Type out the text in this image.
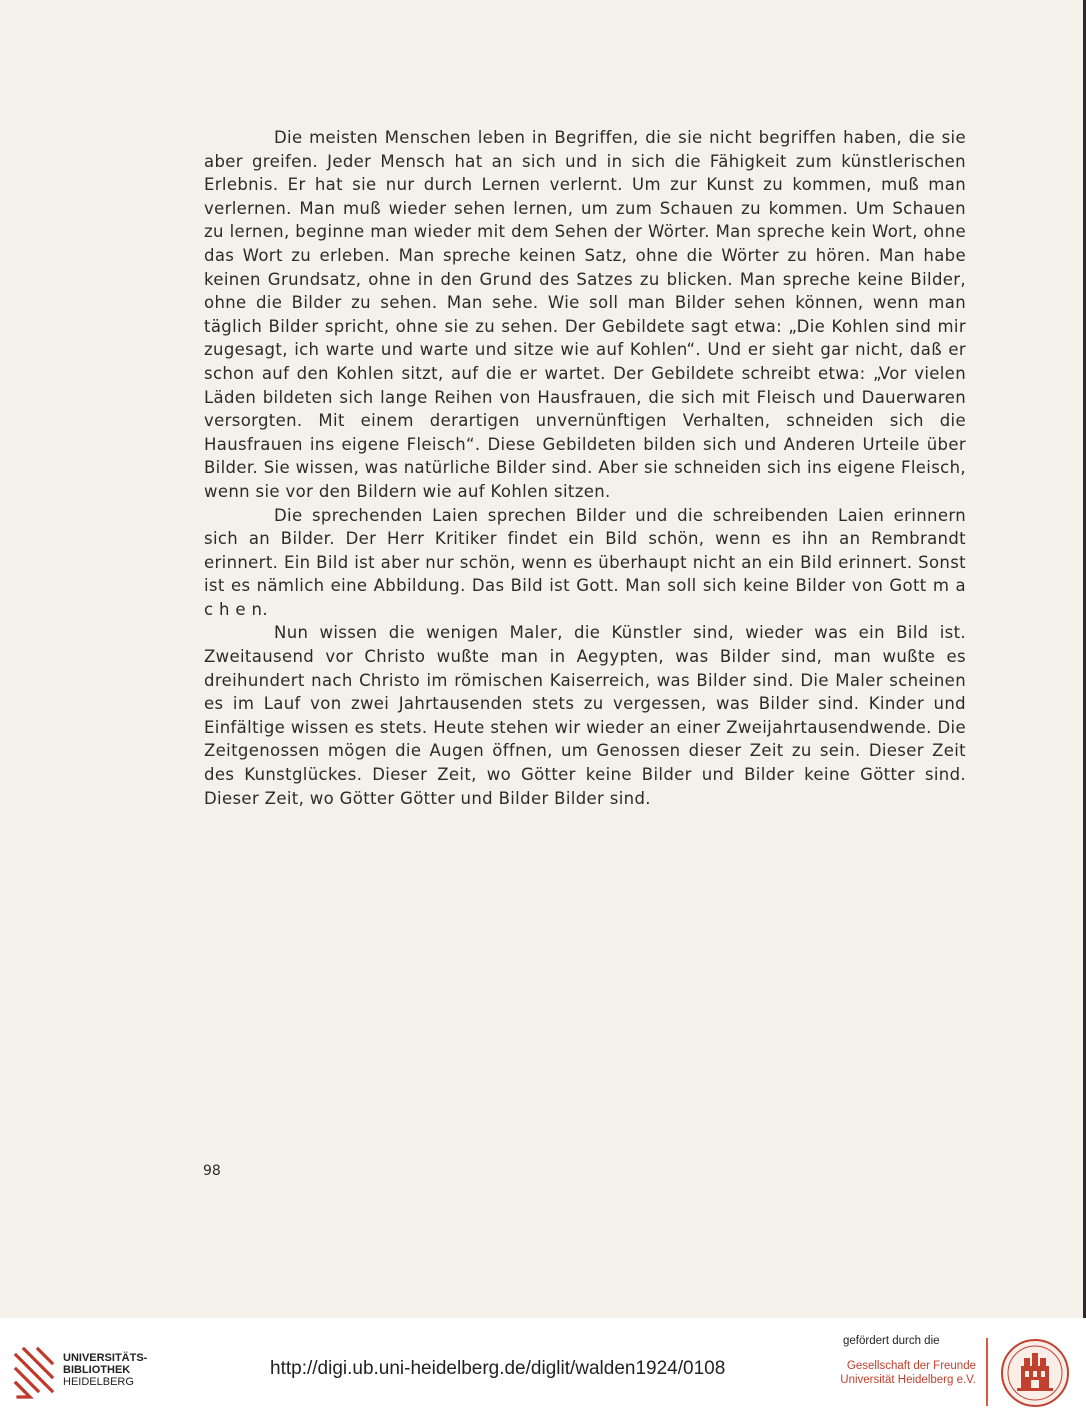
Die meisten Menschen leben in Begriffen, die sie nicht begriffen haben, die sie aber greifen. Jeder Mensch hat an sich und in sich die Fähigkeit zum künstlerischen Erlebnis. Er hat sie nur durch Lernen verlernt. Um zur Kunst zu kommen, muß man verlernen. Man muß wieder sehen lernen, um zum Schauen zu kommen. Um Schauen zu lernen, beginne man wieder mit dem Sehen der Wörter. Man spreche kein Wort, ohne das Wort zu erleben. Man spreche keinen Satz, ohne die Wörter zu hören. Man habe keinen Grundsatz, ohne in den Grund des Satzes zu blicken. Man spreche keine Bilder, ohne die Bilder zu sehen. Man sehe. Wie soll man Bilder sehen können, wenn man täglich Bilder spricht, ohne sie zu sehen. Der Gebildete sagt etwa: „Die Kohlen sind mir zugesagt, ich warte und warte und sitze wie auf Kohlen“. Und er sieht gar nicht, daß er schon auf den Kohlen sitzt, auf die er wartet. Der Gebildete schreibt etwa: „Vor vielen Läden bildeten sich lange Reihen von Hausfrauen, die sich mit Fleisch und Dauerwaren versorgten. Mit einem derartigen unvernünftigen Verhalten, schneiden sich die Hausfrauen ins eigene Fleisch“. Diese Gebildeten bilden sich und Anderen Urteile über Bilder. Sie wissen, was natürliche Bilder sind. Aber sie schneiden sich ins eigene Fleisch, wenn sie vor den Bildern wie auf Kohlen sitzen.

Die sprechenden Laien sprechen Bilder und die schreibenden Laien erinnern sich an Bilder. Der Herr Kritiker findet ein Bild schön, wenn es ihn an Rembrandt erinnert. Ein Bild ist aber nur schön, wenn es überhaupt nicht an ein Bild erinnert. Sonst ist es nämlich eine Abbildung. Das Bild ist Gott. Man soll sich keine Bilder von Gott m a c h e n.

Nun wissen die wenigen Maler, die Künstler sind, wieder was ein Bild ist. Zweitausend vor Christo wußte man in Aegypten, was Bilder sind, man wußte es dreihundert nach Christo im römischen Kaiserreich, was Bilder sind. Die Maler scheinen es im Lauf von zwei Jahrtausenden stets zu vergessen, was Bilder sind. Kinder und Einfältige wissen es stets. Heute stehen wir wieder an einer Zweijahrtausendwende. Die Zeitgenossen mögen die Augen öffnen, um Genossen dieser Zeit zu sein. Dieser Zeit des Kunstglückes. Dieser Zeit, wo Götter keine Bilder und Bilder keine Götter sind. Dieser Zeit, wo Götter Götter und Bilder Bilder sind.

98
UNIVERSITÄTS-
BIBLIOTHEK
HEIDELBERG
http://digi.ub.uni-heidelberg.de/diglit/walden1924/0108
gefördert durch die
Gesellschaft der Freunde
Universität Heidelberg e.V.
